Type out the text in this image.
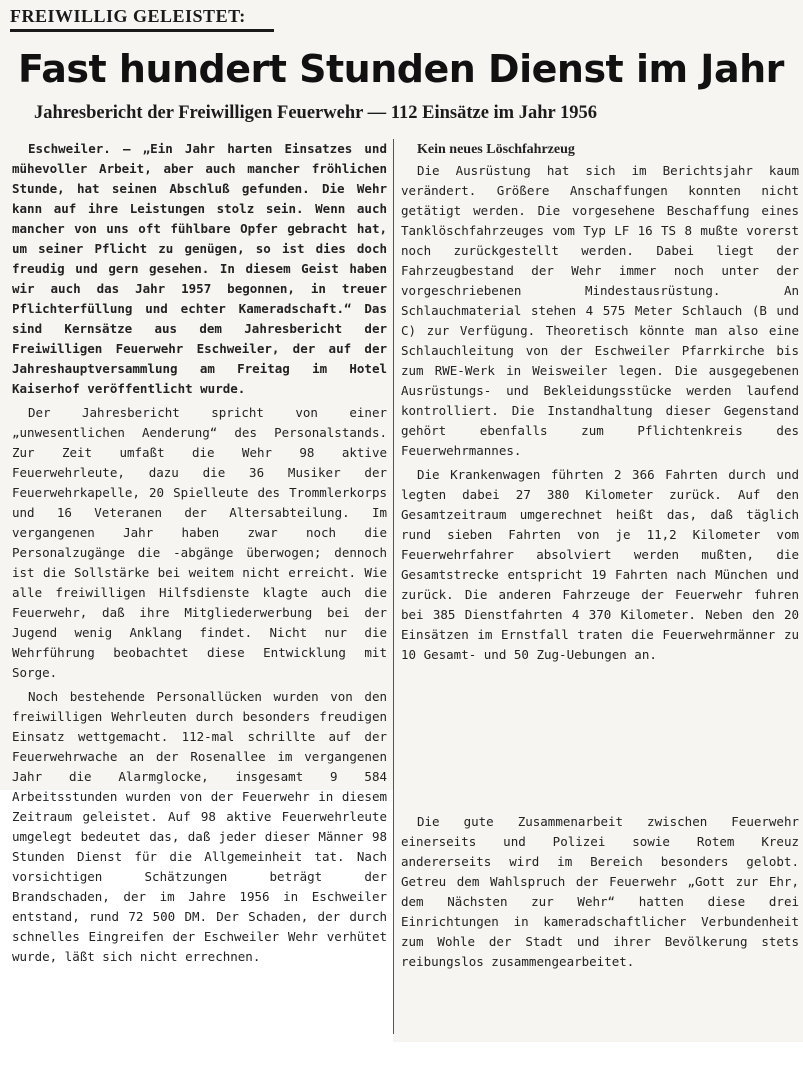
FREIWILLIG GELEISTET:
Fast hundert Stunden Dienst im Jahr
Jahresbericht der Freiwilligen Feuerwehr — 112 Einsätze im Jahr 1956

Eschweiler. — „Ein Jahr harten Einsatzes und mühevoller Arbeit, aber auch mancher fröhlichen Stunde, hat seinen Abschluß gefunden. Die Wehr kann auf ihre Leistungen stolz sein. Wenn auch mancher von uns oft fühlbare Opfer gebracht hat, um seiner Pflicht zu genügen, so ist dies doch freudig und gern gesehen. In diesem Geist haben wir auch das Jahr 1957 begonnen, in treuer Pflichterfüllung und echter Kameradschaft.“ Das sind Kernsätze aus dem Jahresbericht der Freiwilligen Feuerwehr Eschweiler, der auf der Jahreshauptversammlung am Freitag im Hotel Kaiserhof veröffentlicht wurde.

Der Jahresbericht spricht von einer „unwesentlichen Aenderung“ des Personalstands. Zur Zeit umfaßt die Wehr 98 aktive Feuerwehrleute, dazu die 36 Musiker der Feuerwehrkapelle, 20 Spielleute des Trommlerkorps und 16 Veteranen der Altersabteilung. Im vergangenen Jahr haben zwar noch die Personalzugänge die -abgänge überwogen; dennoch ist die Sollstärke bei weitem nicht erreicht. Wie alle freiwilligen Hilfsdienste klagte auch die Feuerwehr, daß ihre Mitgliederwerbung bei der Jugend wenig Anklang findet. Nicht nur die Wehrführung beobachtet diese Entwicklung mit Sorge.

Noch bestehende Personallücken wurden von den freiwilligen Wehrleuten durch besonders freudigen Einsatz wettgemacht. 112-mal schrillte auf der Feuerwehrwache an der Rosenallee im vergangenen Jahr die Alarmglocke, insgesamt 9 584 Arbeitsstunden wurden von der Feuerwehr in diesem Zeitraum geleistet. Auf 98 aktive Feuerwehrleute umgelegt bedeutet das, daß jeder dieser Männer 98 Stunden Dienst für die Allgemeinheit tat. Nach vorsichtigen Schätzungen beträgt der Brandschaden, der im Jahre 1956 in Eschweiler entstand, rund 72 500 DM. Der Schaden, der durch schnelles Eingreifen der Eschweiler Wehr verhütet wurde, läßt sich nicht errechnen.

Kein neues Löschfahrzeug

Die Ausrüstung hat sich im Berichtsjahr kaum verändert. Größere Anschaffungen konnten nicht getätigt werden. Die vorgesehene Beschaffung eines Tanklöschfahrzeuges vom Typ LF 16 TS 8 mußte vorerst noch zurückgestellt werden. Dabei liegt der Fahrzeugbestand der Wehr immer noch unter der vorgeschriebenen Mindestausrüstung. An Schlauchmaterial stehen 4 575 Meter Schlauch (B und C) zur Verfügung. Theoretisch könnte man also eine Schlauchleitung von der Eschweiler Pfarrkirche bis zum RWE-Werk in Weisweiler legen. Die ausgegebenen Ausrüstungs- und Bekleidungsstücke werden laufend kontrolliert. Die Instandhaltung dieser Gegenstand gehört ebenfalls zum Pflichtenkreis des Feuerwehrmannes.

Die Krankenwagen führten 2 366 Fahrten durch und legten dabei 27 380 Kilometer zurück. Auf den Gesamtzeitraum umgerechnet heißt das, daß täglich rund sieben Fahrten von je 11,2 Kilometer vom Feuerwehrfahrer absolviert werden mußten, die Gesamtstrecke entspricht 19 Fahrten nach München und zurück. Die anderen Fahrzeuge der Feuerwehr fuhren bei 385 Dienstfahrten 4 370 Kilometer. Neben den 20 Einsätzen im Ernstfall traten die Feuerwehrmänner zu 10 Gesamt- und 50 Zug-Uebungen an.

Die gute Zusammenarbeit zwischen Feuerwehr einerseits und Polizei sowie Rotem Kreuz andererseits wird im Bereich besonders gelobt. Getreu dem Wahlspruch der Feuerwehr „Gott zur Ehr, dem Nächsten zur Wehr“ hatten diese drei Einrichtungen in kameradschaftlicher Verbundenheit zum Wohle der Stadt und ihrer Bevölkerung stets reibungslos zusammengearbeitet.
